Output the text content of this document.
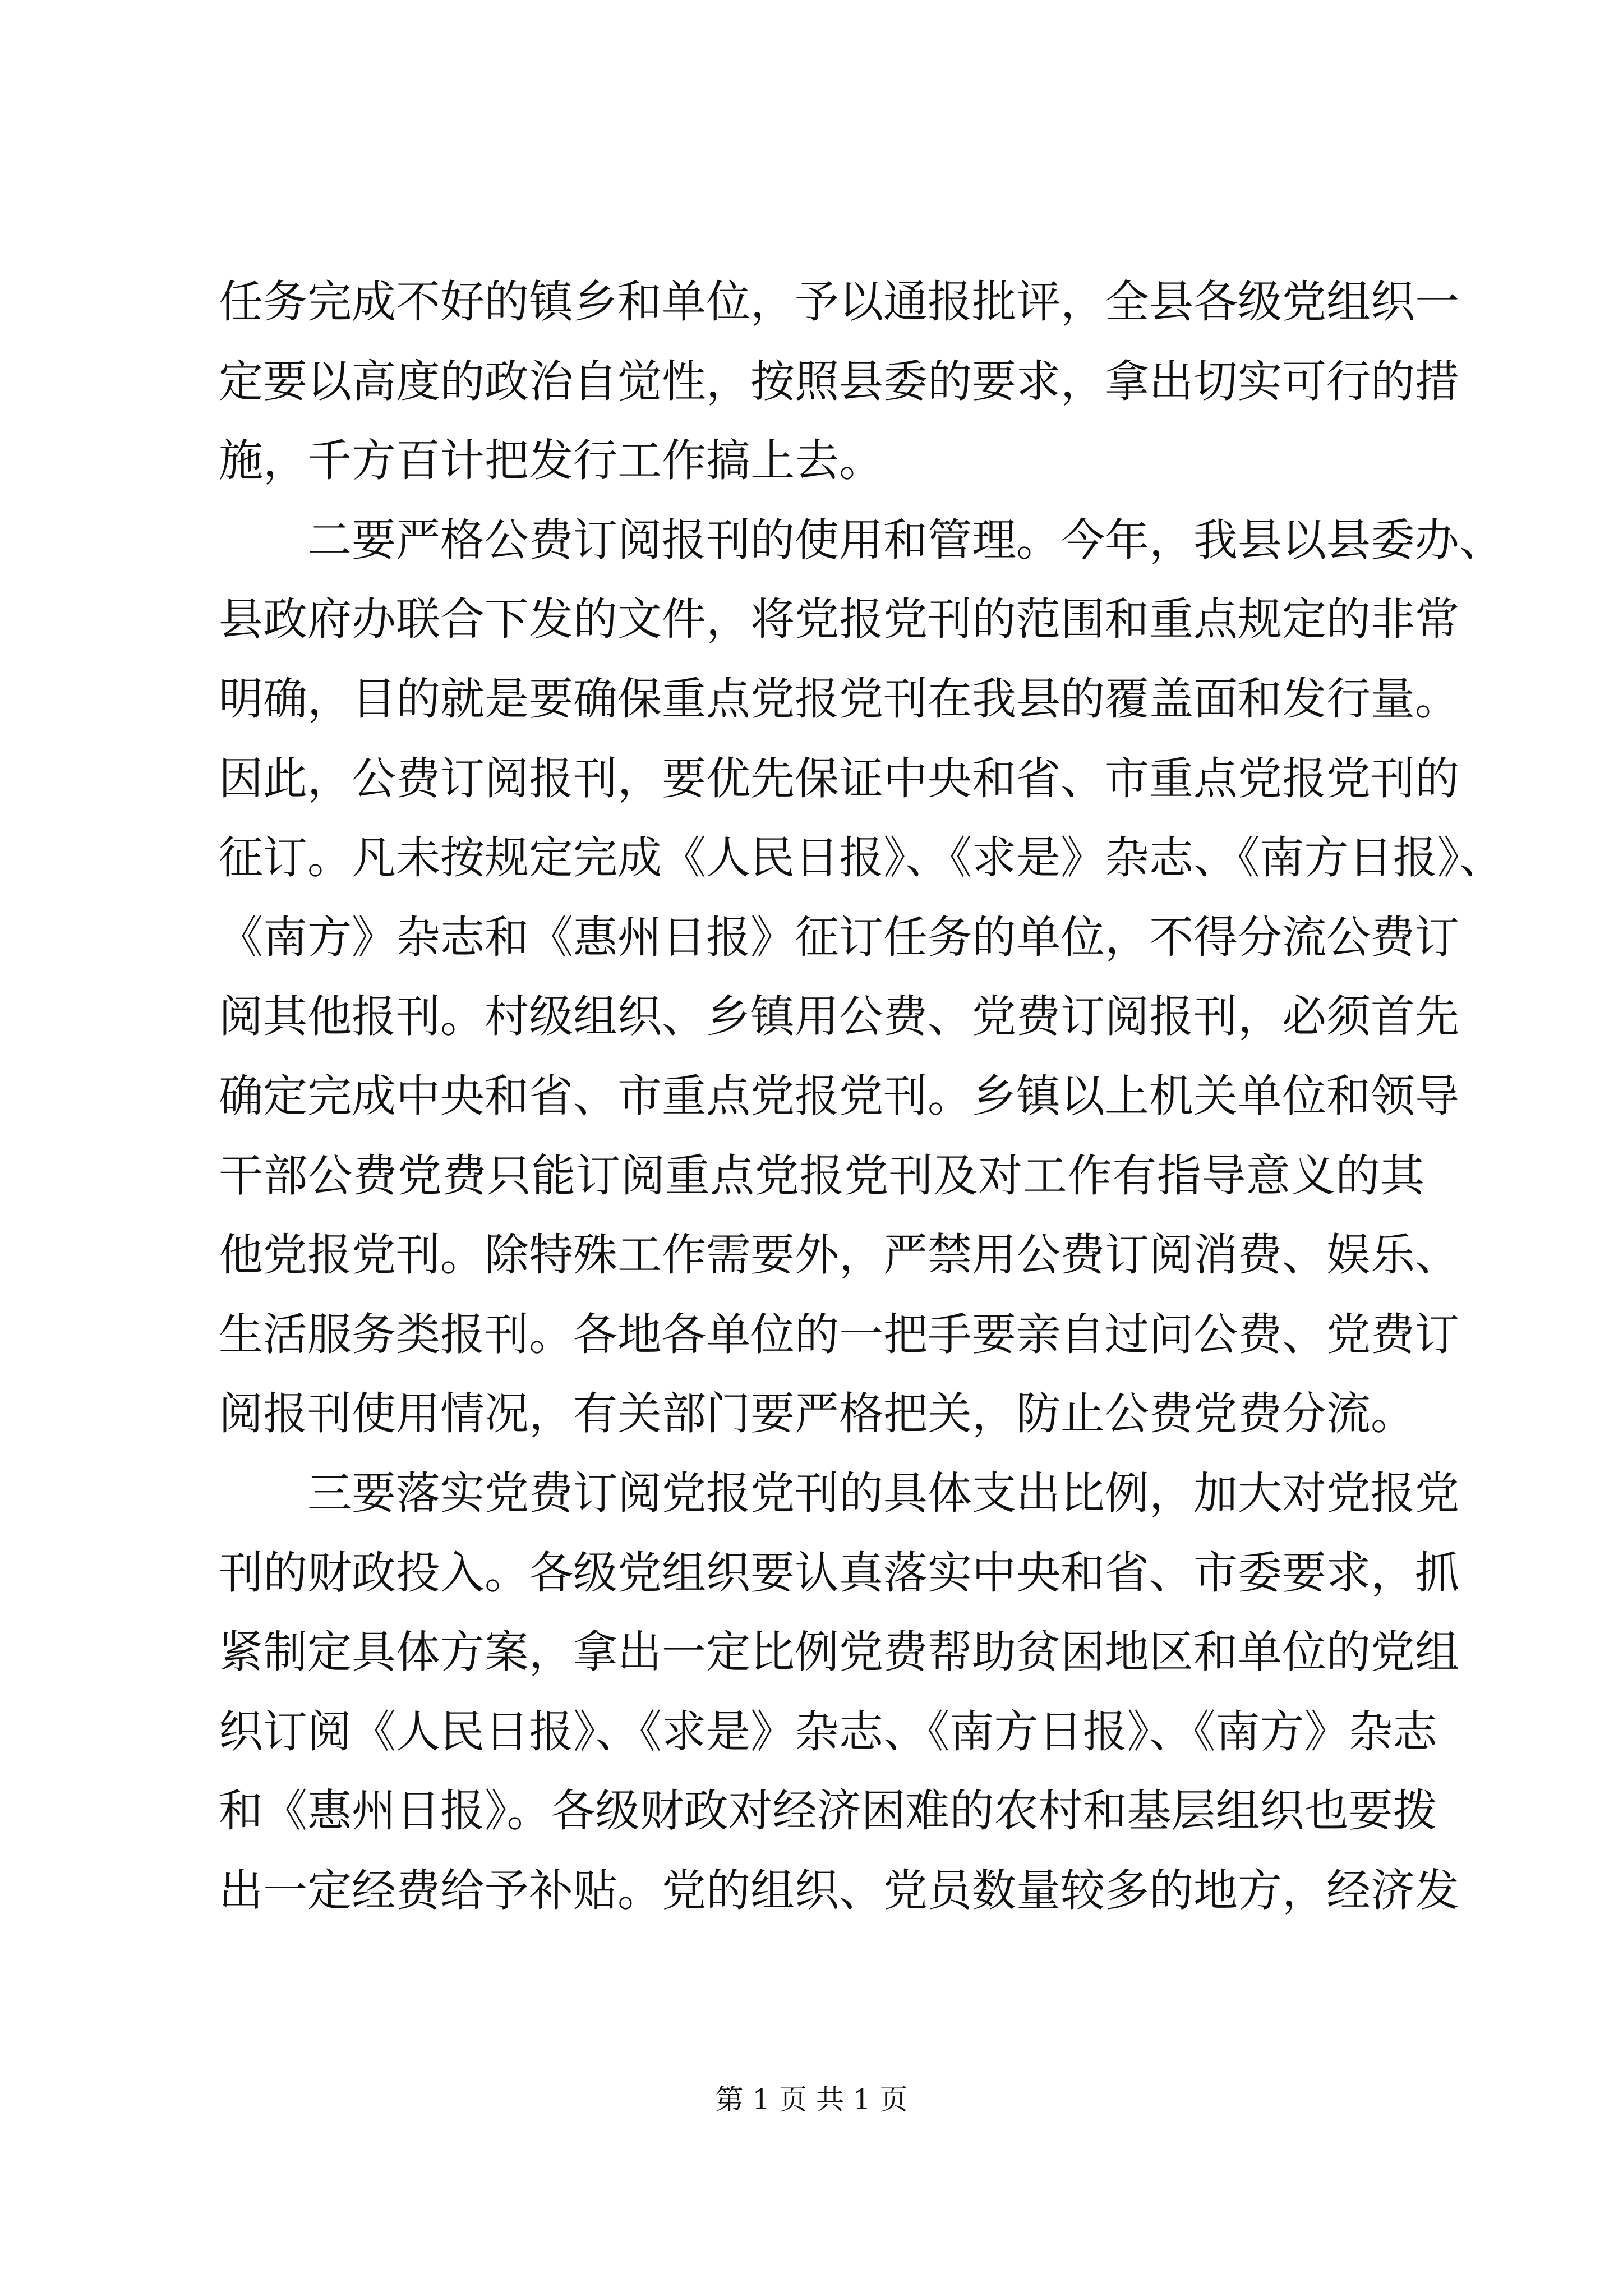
任务完成不好的镇乡和单位，予以通报批评，全县各级党组织一
定要以高度的政治自觉性，按照县委的要求，拿出切实可行的措
施，千方百计把发行工作搞上去。
二要严格公费订阅报刊的使用和管理。今年，我县以县委办、
县政府办联合下发的文件，将党报党刊的范围和重点规定的非常
明确，目的就是要确保重点党报党刊在我县的覆盖面和发行量。
因此，公费订阅报刊，要优先保证中央和省、市重点党报党刊的
征订。凡未按规定完成《人民日报》、《求是》杂志、《南方日报》、
《南方》杂志和《惠州日报》征订任务的单位，不得分流公费订
阅其他报刊。村级组织、乡镇用公费、党费订阅报刊，必须首先
确定完成中央和省、市重点党报党刊。乡镇以上机关单位和领导
干部公费党费只能订阅重点党报党刊及对工作有指导意义的其
他党报党刊。除特殊工作需要外，严禁用公费订阅消费、娱乐、
生活服务类报刊。各地各单位的一把手要亲自过问公费、党费订
阅报刊使用情况，有关部门要严格把关，防止公费党费分流。
三要落实党费订阅党报党刊的具体支出比例，加大对党报党
刊的财政投入。各级党组织要认真落实中央和省、市委要求，抓
紧制定具体方案，拿出一定比例党费帮助贫困地区和单位的党组
织订阅《人民日报》、《求是》杂志、《南方日报》、《南方》杂志
和《惠州日报》。各级财政对经济困难的农村和基层组织也要拨
出一定经费给予补贴。党的组织、党员数量较多的地方，经济发
第 1 页 共 1 页
